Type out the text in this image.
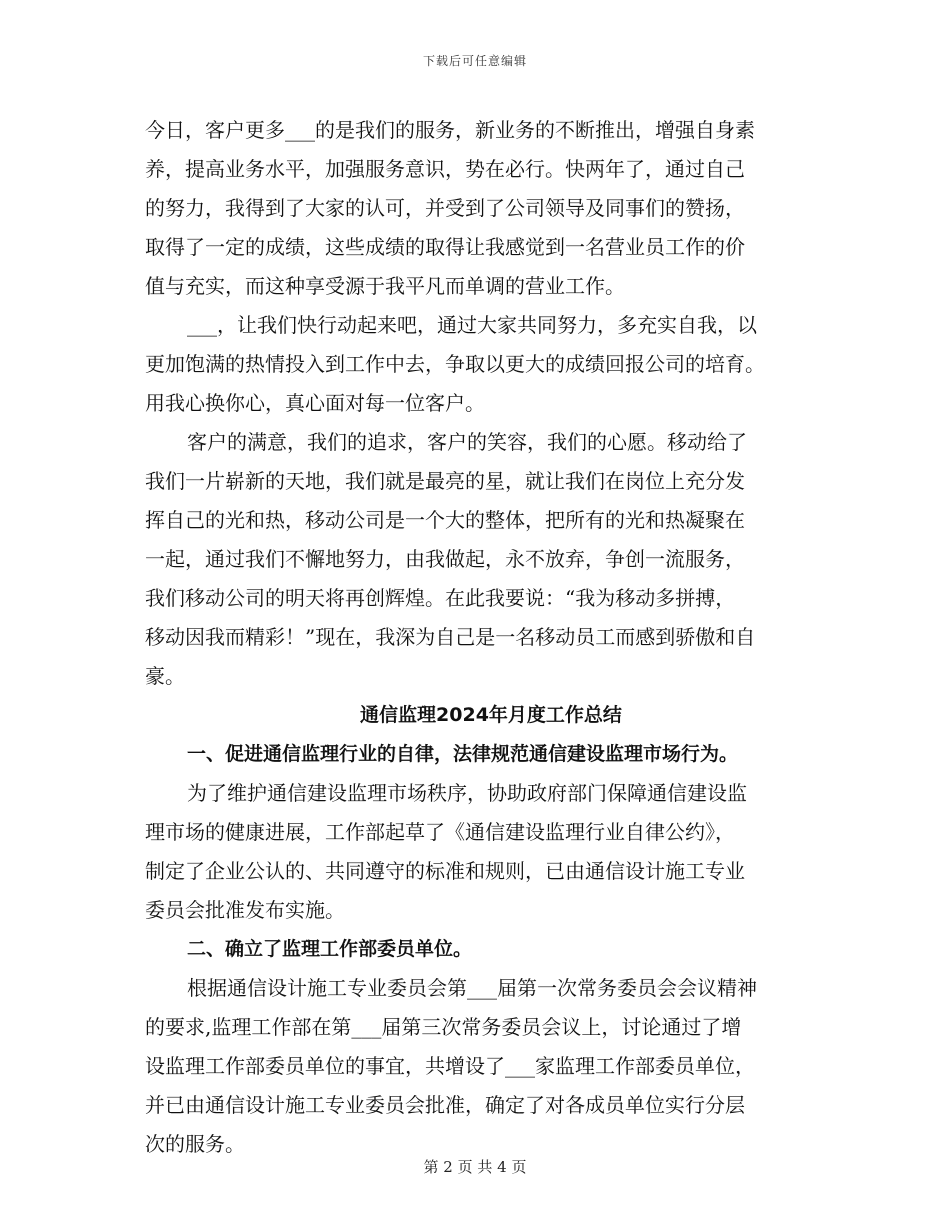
下载后可任意编辑
今日，客户更多___的是我们的服务，新业务的不断推出，增强自身素
养，提高业务水平，加强服务意识，势在必行。快两年了，通过自己
的努力，我得到了大家的认可，并受到了公司领导及同事们的赞扬，
取得了一定的成绩，这些成绩的取得让我感觉到一名营业员工作的价
值与充实，而这种享受源于我平凡而单调的营业工作。
___，让我们快行动起来吧，通过大家共同努力，多充实自我，以
更加饱满的热情投入到工作中去，争取以更大的成绩回报公司的培育。
用我心换你心，真心面对每一位客户。
客户的满意，我们的追求，客户的笑容，我们的心愿。移动给了
我们一片崭新的天地，我们就是最亮的星，就让我们在岗位上充分发
挥自己的光和热，移动公司是一个大的整体，把所有的光和热凝聚在
一起，通过我们不懈地努力，由我做起，永不放弃，争创一流服务，
我们移动公司的明天将再创辉煌。在此我要说：“我为移动多拼搏，
移动因我而精彩！”现在，我深为自己是一名移动员工而感到骄傲和自
豪。
通信监理2024年月度工作总结
一、促进通信监理行业的自律，法律规范通信建设监理市场行为。
为了维护通信建设监理市场秩序，协助政府部门保障通信建设监
理市场的健康进展，工作部起草了《通信建设监理行业自律公约》，
制定了企业公认的、共同遵守的标准和规则，已由通信设计施工专业
委员会批准发布实施。
二、确立了监理工作部委员单位。
根据通信设计施工专业委员会第___届第一次常务委员会会议精神
的要求,监理工作部在第___届第三次常务委员会议上，讨论通过了增
设监理工作部委员单位的事宜，共增设了___家监理工作部委员单位，
并已由通信设计施工专业委员会批准，确定了对各成员单位实行分层
次的服务。
第 2 页 共 4 页
